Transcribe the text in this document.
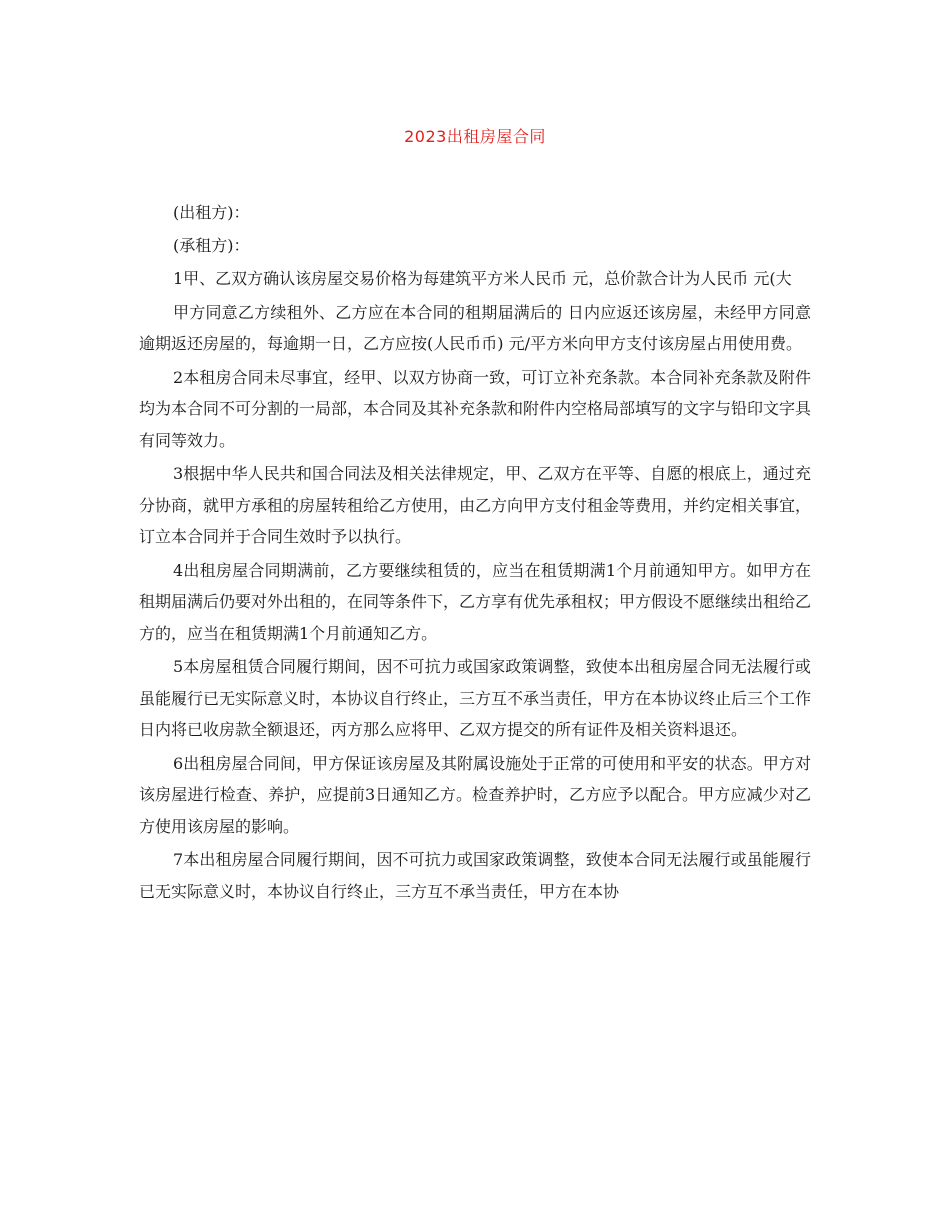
2023出租房屋合同

(出租方)：

(承租方)：

1甲、乙双方确认该房屋交易价格为每建筑平方米人民币 元，总价款合计为人民币 元(大

甲方同意乙方续租外、乙方应在本合同的租期届满后的 日内应返还该房屋，未经甲方同意逾期返还房屋的，每逾期一日，乙方应按(人民币币) 元/平方米向甲方支付该房屋占用使用费。

2本租房合同未尽事宜，经甲、以双方协商一致，可订立补充条款。本合同补充条款及附件均为本合同不可分割的一局部，本合同及其补充条款和附件内空格局部填写的文字与铅印文字具有同等效力。

3根据中华人民共和国合同法及相关法律规定，甲、乙双方在平等、自愿的根底上，通过充分协商，就甲方承租的房屋转租给乙方使用，由乙方向甲方支付租金等费用，并约定相关事宜，订立本合同并于合同生效时予以执行。

4出租房屋合同期满前，乙方要继续租赁的，应当在租赁期满1个月前通知甲方。如甲方在租期届满后仍要对外出租的，在同等条件下，乙方享有优先承租权；甲方假设不愿继续出租给乙方的，应当在租赁期满1个月前通知乙方。

5本房屋租赁合同履行期间，因不可抗力或国家政策调整，致使本出租房屋合同无法履行或虽能履行已无实际意义时，本协议自行终止，三方互不承当责任，甲方在本协议终止后三个工作日内将已收房款全额退还，丙方那么应将甲、乙双方提交的所有证件及相关资料退还。

6出租房屋合同间，甲方保证该房屋及其附属设施处于正常的可使用和平安的状态。甲方对该房屋进行检查、养护，应提前3日通知乙方。检查养护时，乙方应予以配合。甲方应减少对乙方使用该房屋的影响。

7本出租房屋合同履行期间，因不可抗力或国家政策调整，致使本合同无法履行或虽能履行已无实际意义时，本协议自行终止，三方互不承当责任，甲方在本协
